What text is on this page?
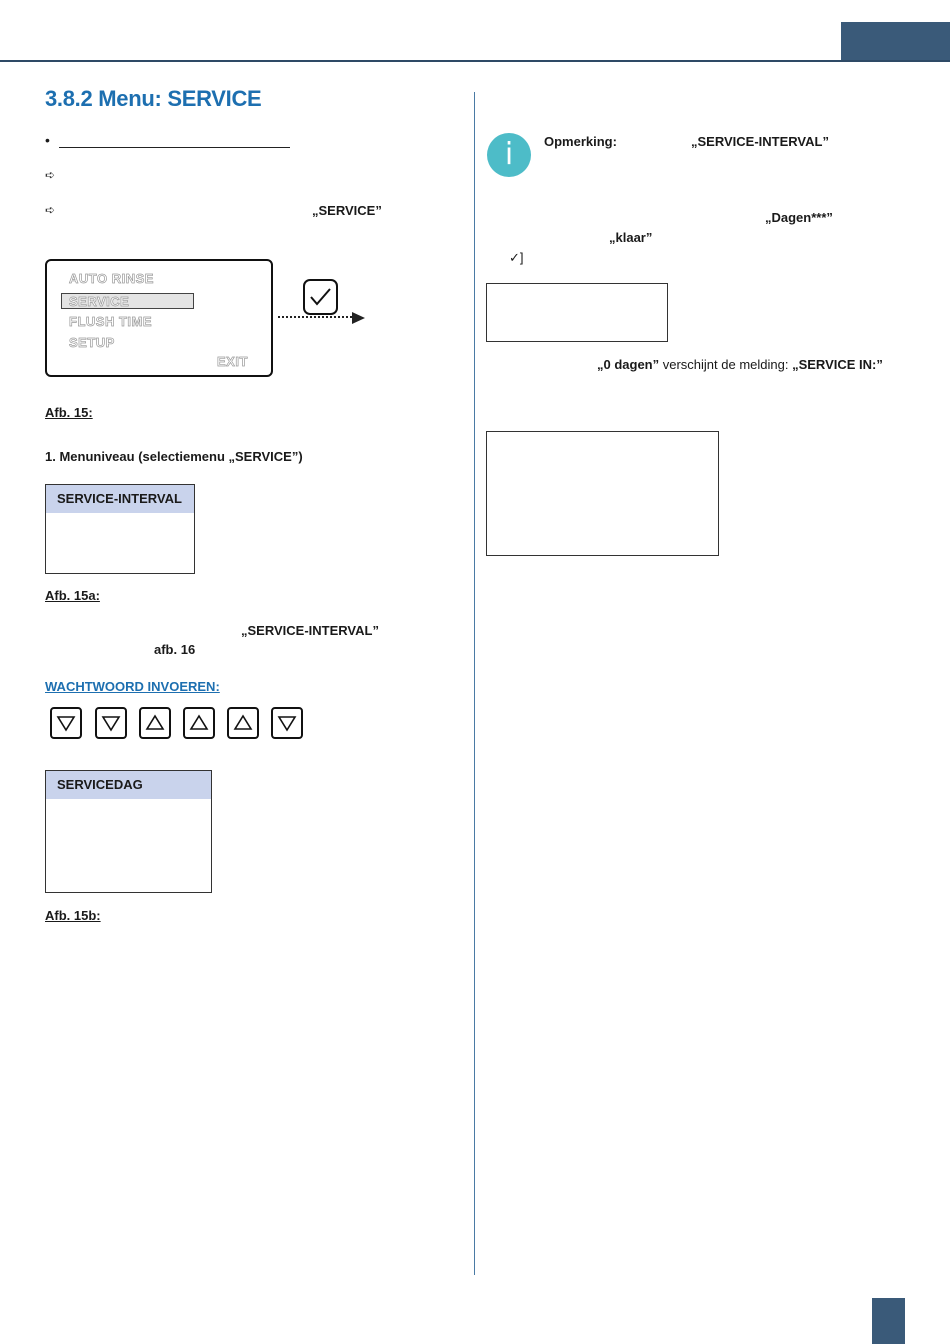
3.8.2 Menu: SERVICE
•
➪
➪	„SERVICE”
AUTO RINSE
SERVICE
FLUSH TIME
SETUP
EXIT
Afb. 15:
1. Menuniveau (selectiemenu „SERVICE”)
SERVICE-INTERVAL
Afb. 15a:
„SERVICE-INTERVAL”
afb. 16
WACHTWOORD INVOEREN:
SERVICEDAG
Afb. 15b:
i	Opmerking:	„SERVICE-INTERVAL”
„Dagen***”
„klaar”
✓]
„0 dagen” verschijnt de melding: „SERVICE IN:”
